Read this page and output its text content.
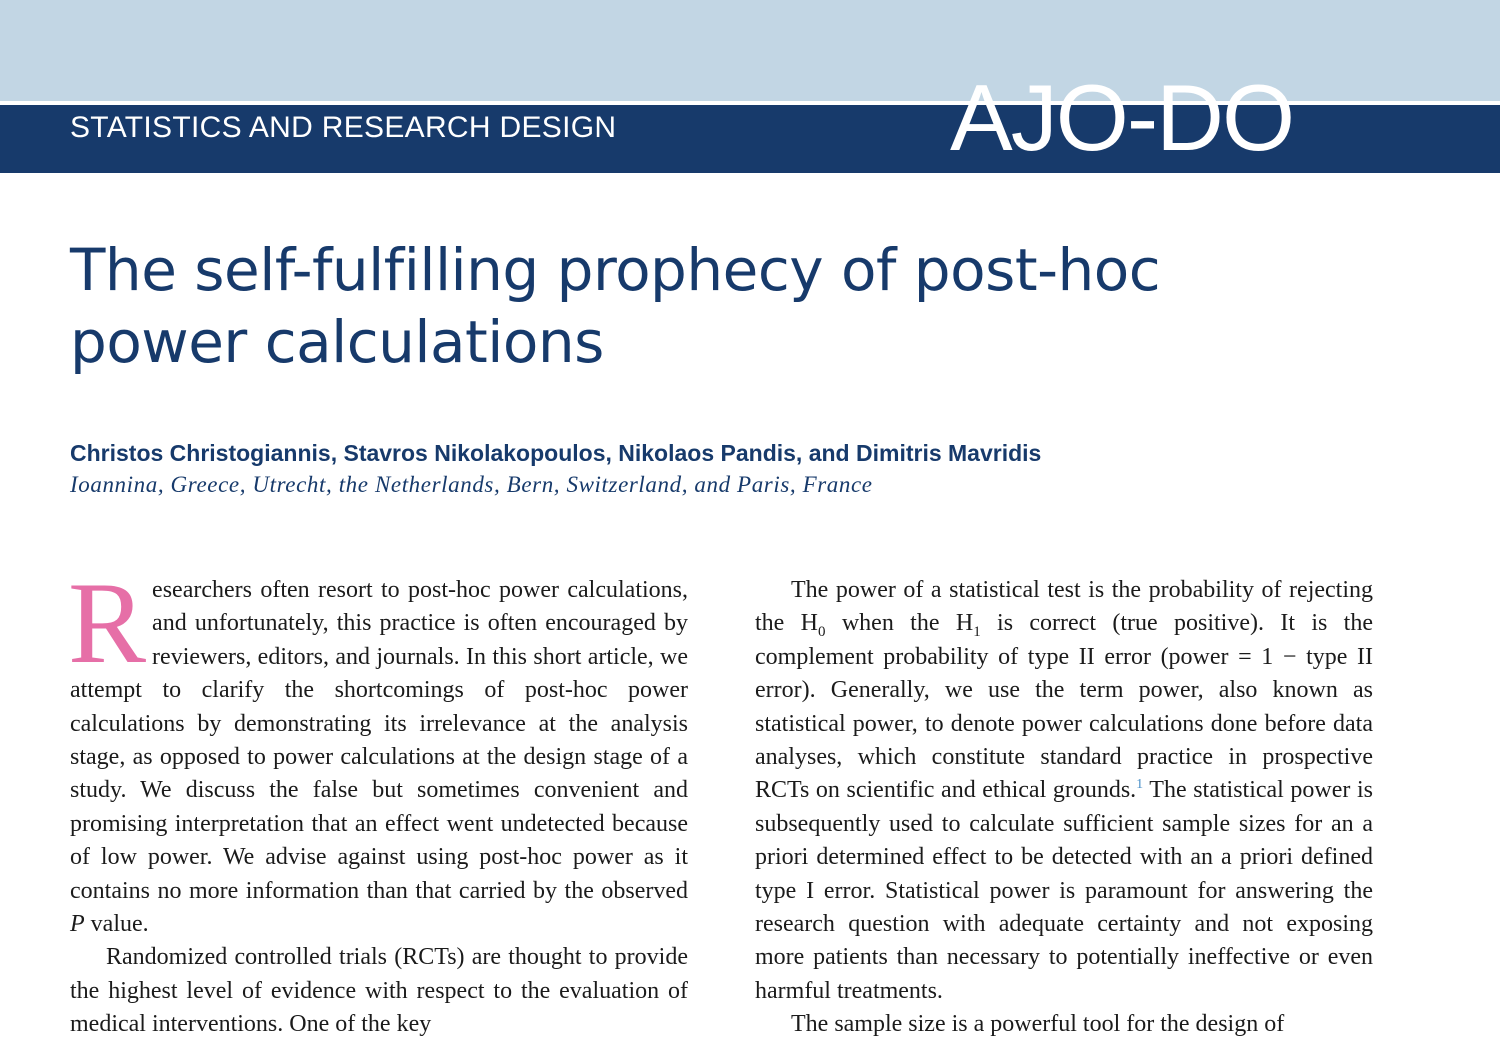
STATISTICS AND RESEARCH DESIGN	AJO-DO
The self-fulfilling prophecy of post-hoc power calculations
Christos Christogiannis, Stavros Nikolakopoulos, Nikolaos Pandis, and Dimitris Mavridis
Ioannina, Greece, Utrecht, the Netherlands, Bern, Switzerland, and Paris, France

Researchers often resort to post-hoc power calculations, and unfortunately, this practice is often encouraged by reviewers, editors, and journals. In this short article, we attempt to clarify the shortcomings of post-hoc power calculations by demonstrating its irrelevance at the analysis stage, as opposed to power calculations at the design stage of a study. We discuss the false but sometimes convenient and promising interpretation that an effect went undetected because of low power. We advise against using post-hoc power as it contains no more information than that carried by the observed P value.

Randomized controlled trials (RCTs) are thought to provide the highest level of evidence with respect to the evaluation of medical interventions. One of the key

The power of a statistical test is the probability of rejecting the $H_0$ when the $H_1$ is correct (true positive). It is the complement probability of type II error (power = 1 − type II error). Generally, we use the term power, also known as statistical power, to denote power calculations done before data analyses, which constitute standard practice in prospective RCTs on scientific and ethical grounds.$^1$ The statistical power is subsequently used to calculate sufficient sample sizes for an a priori determined effect to be detected with an a priori defined type I error. Statistical power is paramount for answering the research question with adequate certainty and not exposing more patients than necessary to potentially ineffective or even harmful treatments.

The sample size is a powerful tool for the design of
